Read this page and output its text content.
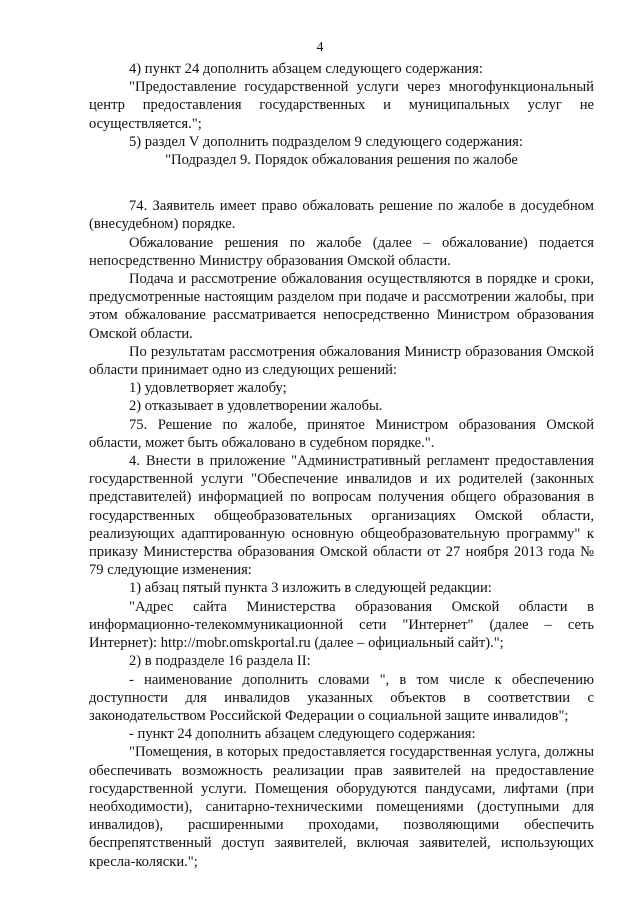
4

4) пункт 24 дополнить абзацем следующего содержания:

"Предоставление государственной услуги через многофункциональный центр предоставления государственных и муниципальных услуг не осуществляется.";

5) раздел V дополнить подразделом 9 следующего содержания:

"Подраздел 9. Порядок обжалования решения по жалобе

74. Заявитель имеет право обжаловать решение по жалобе в досудебном (внесудебном) порядке.

Обжалование решения по жалобе (далее – обжалование) подается непосредственно Министру образования Омской области.

Подача и рассмотрение обжалования осуществляются в порядке и сроки, предусмотренные настоящим разделом при подаче и рассмотрении жалобы, при этом обжалование рассматривается непосредственно Министром образования Омской области.

По результатам рассмотрения обжалования Министр образования Омской области принимает одно из следующих решений:

1) удовлетворяет жалобу;

2) отказывает в удовлетворении жалобы.

75. Решение по жалобе, принятое Министром образования Омской области, может быть обжаловано в судебном порядке.".

4. Внести в приложение "Административный регламент предоставления государственной услуги "Обеспечение инвалидов и их родителей (законных представителей) информацией по вопросам получения общего образования в государственных общеобразовательных организациях Омской области, реализующих адаптированную основную общеобразовательную программу" к приказу Министерства образования Омской области от 27 ноября 2013 года № 79 следующие изменения:

1) абзац пятый пункта 3 изложить в следующей редакции:

"Адрес сайта Министерства образования Омской области в информационно-телекоммуникационной сети "Интернет" (далее – сеть Интернет): http://mobr.omskportal.ru (далее – официальный сайт).";

2) в подразделе 16 раздела II:

- наименование дополнить словами ", в том числе к обеспечению доступности для инвалидов указанных объектов в соответствии с законодательством Российской Федерации о социальной защите инвалидов";

- пункт 24 дополнить абзацем следующего содержания:

"Помещения, в которых предоставляется государственная услуга, должны обеспечивать возможность реализации прав заявителей на предоставление государственной услуги. Помещения оборудуются пандусами, лифтами (при необходимости), санитарно-техническими помещениями (доступными для инвалидов), расширенными проходами, позволяющими обеспечить беспрепятственный доступ заявителей, включая заявителей, использующих кресла-коляски.";
